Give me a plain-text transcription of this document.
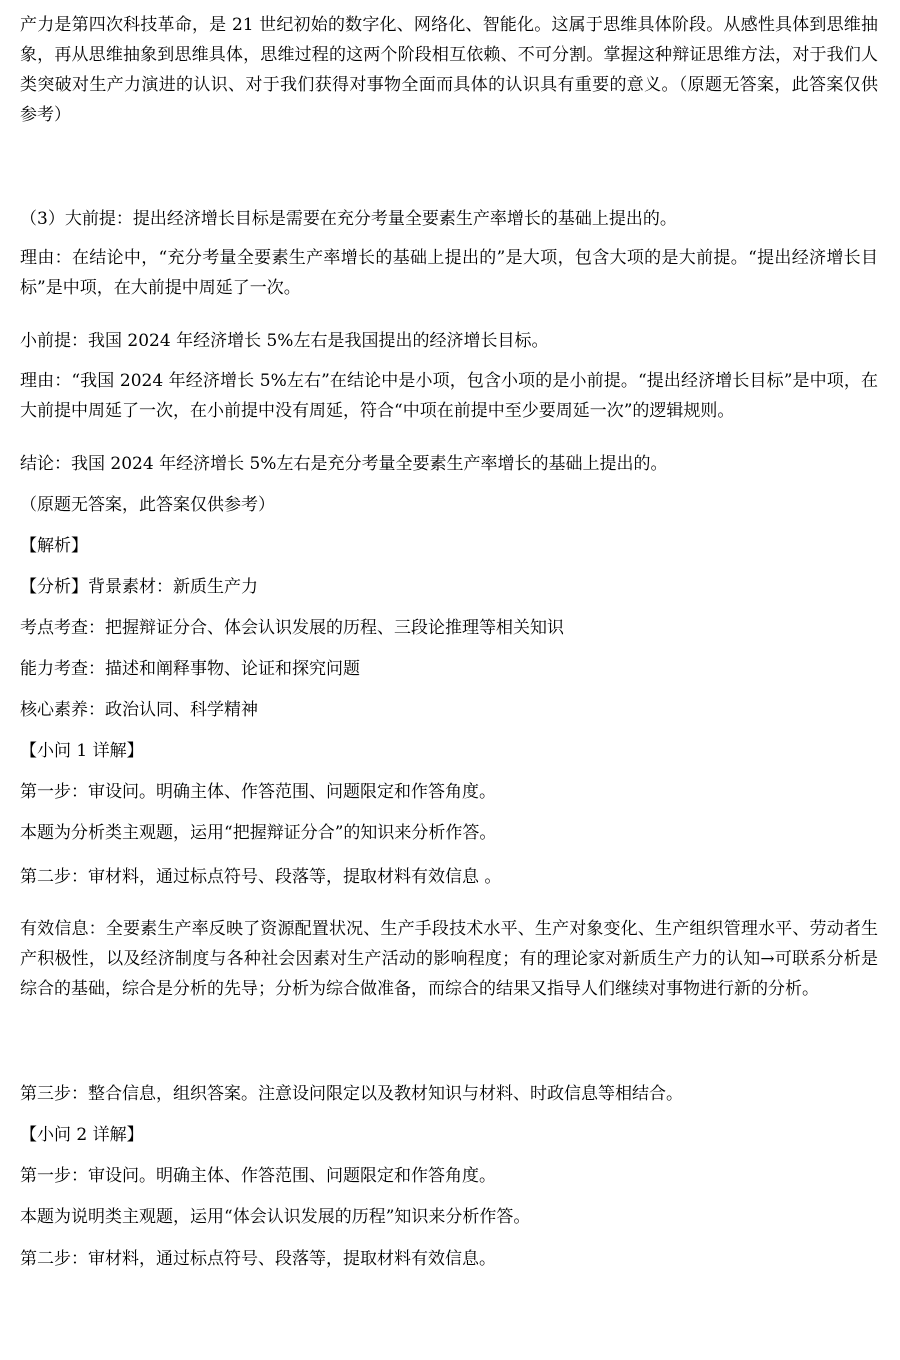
产力是第四次科技革命，是 21 世纪初始的数字化、网络化、智能化。这属于思维具体阶段。从感性具体到思维抽象，再从思维抽象到思维具体，思维过程的这两个阶段相互依赖、不可分割。掌握这种辩证思维方法，对于我们人类突破对生产力演进的认识、对于我们获得对事物全面而具体的认识具有重要的意义。（原题无答案，此答案仅供参考）

（3）大前提：提出经济增长目标是需要在充分考量全要素生产率增长的基础上提出的。

理由：在结论中，“充分考量全要素生产率增长的基础上提出的”是大项，包含大项的是大前提。“提出经济增长目标”是中项，在大前提中周延了一次。

小前提：我国 2024 年经济增长 5%左右是我国提出的经济增长目标。

理由：“我国 2024 年经济增长 5%左右”在结论中是小项，包含小项的是小前提。“提出经济增长目标”是中项，在大前提中周延了一次，在小前提中没有周延，符合“中项在前提中至少要周延一次”的逻辑规则。

结论：我国 2024 年经济增长 5%左右是充分考量全要素生产率增长的基础上提出的。

（原题无答案，此答案仅供参考）

【解析】

【分析】背景素材：新质生产力

考点考查：把握辩证分合、体会认识发展的历程、三段论推理等相关知识

能力考查：描述和阐释事物、论证和探究问题

核心素养：政治认同、科学精神

【小问 1 详解】

第一步：审设问。明确主体、作答范围、问题限定和作答角度。

本题为分析类主观题，运用“把握辩证分合”的知识来分析作答。

第二步：审材料，通过标点符号、段落等，提取材料有效信息 。

有效信息：全要素生产率反映了资源配置状况、生产手段技术水平、生产对象变化、生产组织管理水平、劳动者生产积极性，以及经济制度与各种社会因素对生产活动的影响程度；有的理论家对新质生产力的认知→可联系分析是综合的基础，综合是分析的先导；分析为综合做准备，而综合的结果又指导人们继续对事物进行新的分析。

第三步：整合信息，组织答案。注意设问限定以及教材知识与材料、时政信息等相结合。

【小问 2 详解】

第一步：审设问。明确主体、作答范围、问题限定和作答角度。

本题为说明类主观题，运用“体会认识发展的历程”知识来分析作答。

第二步：审材料，通过标点符号、段落等，提取材料有效信息。
